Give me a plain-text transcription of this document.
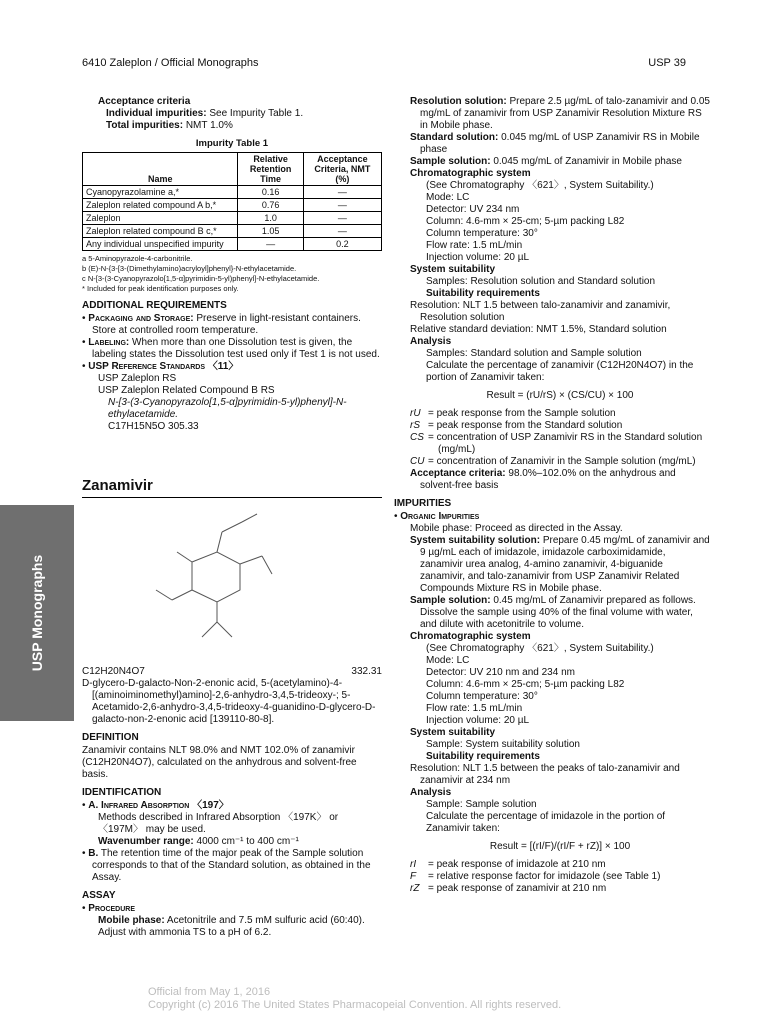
6410 Zaleplon / Official Monographs	USP 39
USP Monographs

Acceptance criteria

Individual impurities: See Impurity Table 1.

Total impurities: NMT 1.0%

Impurity Table 1
Name	Relative Retention Time	Acceptance Criteria, NMT (%)
Cyanopyrazolamine a,*	0.16	—
Zaleplon related compound A b,*	0.76	—
Zaleplon	1.0	—
Zaleplon related compound B c,*	1.05	—
Any individual unspecified impurity	—	0.2
a 5-Aminopyrazole-4-carbonitrile.
b (E)-N-{3-[3-(Dimethylamino)acryloyl]phenyl}-N-ethylacetamide.
c N-[3-(3-Cyanopyrazolo[1,5-α]pyrimidin-5-yl)phenyl]-N-ethylacetamide.
* Included for peak identification purposes only.
ADDITIONAL REQUIREMENTS

• Packaging and Storage: Preserve in light-resistant containers. Store at controlled room temperature.

• Labeling: When more than one Dissolution test is given, the labeling states the Dissolution test used only if Test 1 is not used.

• USP Reference Standards 〈11〉

USP Zaleplon RS

USP Zaleplon Related Compound B RS

N-[3-(3-Cyanopyrazolo[1,5-α]pyrimidin-5-yl)phenyl]-N-ethylacetamide.

C17H15N5O 305.33

Zanamivir
C12H20N4O7	332.31

D-glycero-D-galacto-Non-2-enonic acid, 5-(acetylamino)-4-[(aminoiminomethyl)amino]-2,6-anhydro-3,4,5-trideoxy-; 5-Acetamido-2,6-anhydro-3,4,5-trideoxy-4-guanidino-D-glycero-D-galacto-non-2-enonic acid [139110-80-8].

DEFINITION

Zanamivir contains NLT 98.0% and NMT 102.0% of zanamivir (C12H20N4O7), calculated on the anhydrous and solvent-free basis.

IDENTIFICATION

• A. Infrared Absorption 〈197〉

Methods described in Infrared Absorption 〈197K〉 or 〈197M〉 may be used.

Wavenumber range: 4000 cm⁻¹ to 400 cm⁻¹

• B. The retention time of the major peak of the Sample solution corresponds to that of the Standard solution, as obtained in the Assay.

ASSAY

• Procedure

Mobile phase: Acetonitrile and 7.5 mM sulfuric acid (60:40). Adjust with ammonia TS to a pH of 6.2.

Resolution solution: Prepare 2.5 µg/mL of talo-zanamivir and 0.05 mg/mL of zanamivir from USP Zanamivir Resolution Mixture RS in Mobile phase.

Standard solution: 0.045 mg/mL of USP Zanamivir RS in Mobile phase

Sample solution: 0.045 mg/mL of Zanamivir in Mobile phase

Chromatographic system

(See Chromatography 〈621〉, System Suitability.)

Mode: LC

Detector: UV 234 nm

Column: 4.6-mm × 25-cm; 5-µm packing L82

Column temperature: 30°

Flow rate: 1.5 mL/min

Injection volume: 20 µL

System suitability

Samples: Resolution solution and Standard solution

Suitability requirements

Resolution: NLT 1.5 between talo-zanamivir and zanamivir, Resolution solution

Relative standard deviation: NMT 1.5%, Standard solution

Analysis

Samples: Standard solution and Sample solution

Calculate the percentage of zanamivir (C12H20N4O7) in the portion of Zanamivir taken:

Result = (rU/rS) × (CS/CU) × 100

rU = peak response from the Sample solution
rS = peak response from the Standard solution
CS = concentration of USP Zanamivir RS in the Standard solution (mg/mL)
CU = concentration of Zanamivir in the Sample solution (mg/mL)

Acceptance criteria: 98.0%–102.0% on the anhydrous and solvent-free basis

IMPURITIES

• Organic Impurities

Mobile phase: Proceed as directed in the Assay.

System suitability solution: Prepare 0.45 mg/mL of zanamivir and 9 µg/mL each of imidazole, imidazole carboximidamide, zanamivir urea analog, 4-amino zanamivir, 4-biguanide zanamivir, and talo-zanamivir from USP Zanamivir Related Compounds Mixture RS in Mobile phase.

Sample solution: 0.45 mg/mL of Zanamivir prepared as follows. Dissolve the sample using 40% of the final volume with water, and dilute with acetonitrile to volume.

Chromatographic system

(See Chromatography 〈621〉, System Suitability.)

Mode: LC

Detector: UV 210 nm and 234 nm

Column: 4.6-mm × 25-cm; 5-µm packing L82

Column temperature: 30°

Flow rate: 1.5 mL/min

Injection volume: 20 µL

System suitability

Sample: System suitability solution

Suitability requirements

Resolution: NLT 1.5 between the peaks of talo-zanamivir and zanamivir at 234 nm

Analysis

Sample: Sample solution

Calculate the percentage of imidazole in the portion of Zanamivir taken:

Result = [(rI/F)/(rI/F + rZ)] × 100

rI	= peak response of imidazole at 210 nm
F	= relative response factor for imidazole (see Table 1)
rZ = peak response of zanamivir at 210 nm
Official from May 1, 2016
Copyright (c) 2016 The United States Pharmacopeial Convention. All rights reserved.
